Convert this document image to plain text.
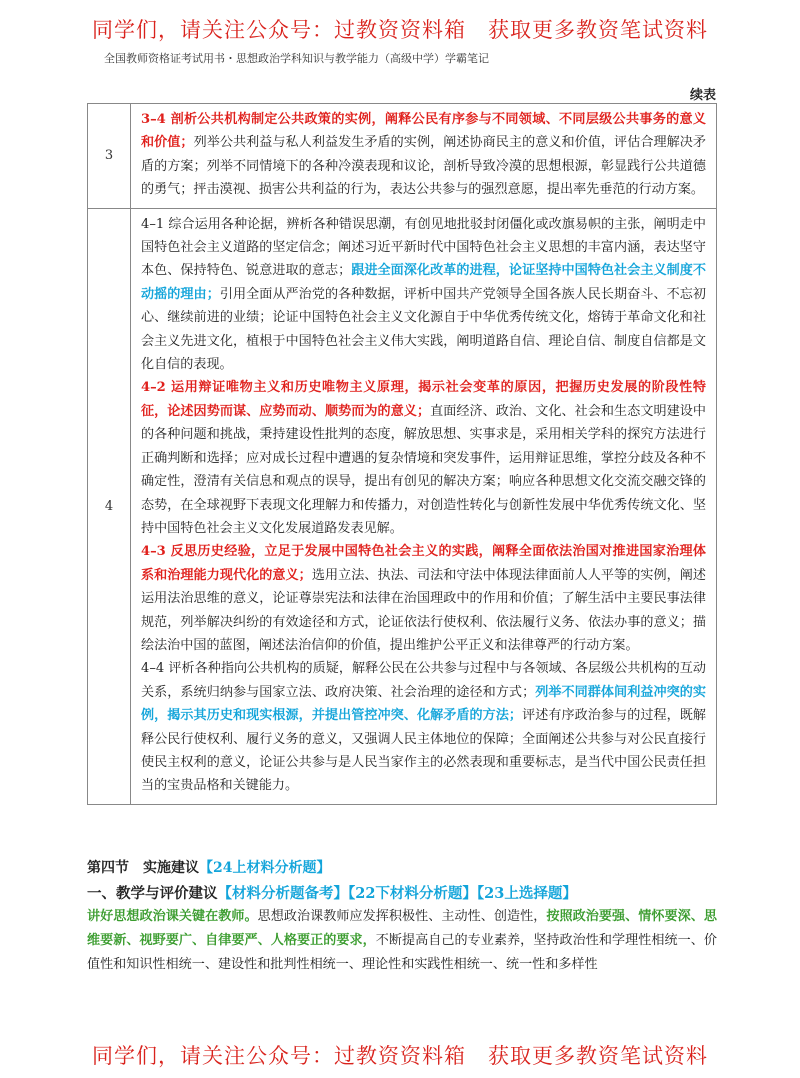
同学们，请关注公众号：过教资资料箱　获取更多教资笔试资料
全国教师资格证考试用书・思想政治学科知识与教学能力（高级中学）学霸笔记
续表
3	3–4 剖析公共机构制定公共政策的实例，阐释公民有序参与不同领域、不同层级公共事务的意义和价值；列举公共利益与私人利益发生矛盾的实例，阐述协商民主的意义和价值，评估合理解决矛盾的方案；列举不同情境下的各种冷漠表现和议论，剖析导致冷漠的思想根源，彰显践行公共道德的勇气；抨击漠视、损害公共利益的行为，表达公共参与的强烈意愿，提出率先垂范的行动方案。

4	4–1 综合运用各种论据，辨析各种错误思潮，有创见地批驳封闭僵化或改旗易帜的主张，阐明走中国特色社会主义道路的坚定信念；阐述习近平新时代中国特色社会主义思想的丰富内涵，表达坚守本色、保持特色、锐意进取的意志；跟进全面深化改革的进程，论证坚持中国特色社会主义制度不动摇的理由；引用全面从严治党的各种数据，评析中国共产党领导全国各族人民长期奋斗、不忘初心、继续前进的业绩；论证中国特色社会主义文化源自于中华优秀传统文化，熔铸于革命文化和社会主义先进文化，植根于中国特色社会主义伟大实践，阐明道路自信、理论自信、制度自信都是文化自信的表现。
4–2 运用辩证唯物主义和历史唯物主义原理，揭示社会变革的原因，把握历史发展的阶段性特征，论述因势而谋、应势而动、顺势而为的意义；直面经济、政治、文化、社会和生态文明建设中的各种问题和挑战，秉持建设性批判的态度，解放思想、实事求是，采用相关学科的探究方法进行正确判断和选择；应对成长过程中遭遇的复杂情境和突发事件，运用辩证思维，掌控分歧及各种不确定性，澄清有关信息和观点的误导，提出有创见的解决方案；响应各种思想文化交流交融交锋的态势，在全球视野下表现文化理解力和传播力，对创造性转化与创新性发展中华优秀传统文化、坚持中国特色社会主义文化发展道路发表见解。
4–3 反思历史经验，立足于发展中国特色社会主义的实践，阐释全面依法治国对推进国家治理体系和治理能力现代化的意义；选用立法、执法、司法和守法中体现法律面前人人平等的实例，阐述运用法治思维的意义，论证尊崇宪法和法律在治国理政中的作用和价值；了解生活中主要民事法律规范，列举解决纠纷的有效途径和方式，论证依法行使权利、依法履行义务、依法办事的意义；描绘法治中国的蓝图，阐述法治信仰的价值，提出维护公平正义和法律尊严的行动方案。
4–4 评析各种指向公共机构的质疑，解释公民在公共参与过程中与各领域、各层级公共机构的互动关系，系统归纳参与国家立法、政府决策、社会治理的途径和方式；列举不同群体间利益冲突的实例，揭示其历史和现实根源，并提出管控冲突、化解矛盾的方法；评述有序政治参与的过程，既解释公民行使权利、履行义务的意义，又强调人民主体地位的保障；全面阐述公共参与对公民直接行使民主权利的意义，论证公共参与是人民当家作主的必然表现和重要标志，是当代中国公民责任担当的宝贵品格和关键能力。
第四节　实施建议【24上材料分析题】
一、教学与评价建议【材料分析题备考】【22下材料分析题】【23上选择题】
讲好思想政治课关键在教师。思想政治课教师应发挥积极性、主动性、创造性，按照政治要强、情怀要深、思维要新、视野要广、自律要严、人格要正的要求，不断提高自己的专业素养，坚持政治性和学理性相统一、价值性和知识性相统一、建设性和批判性相统一、理论性和实践性相统一、统一性和多样性
同学们，请关注公众号：过教资资料箱　获取更多教资笔试资料
